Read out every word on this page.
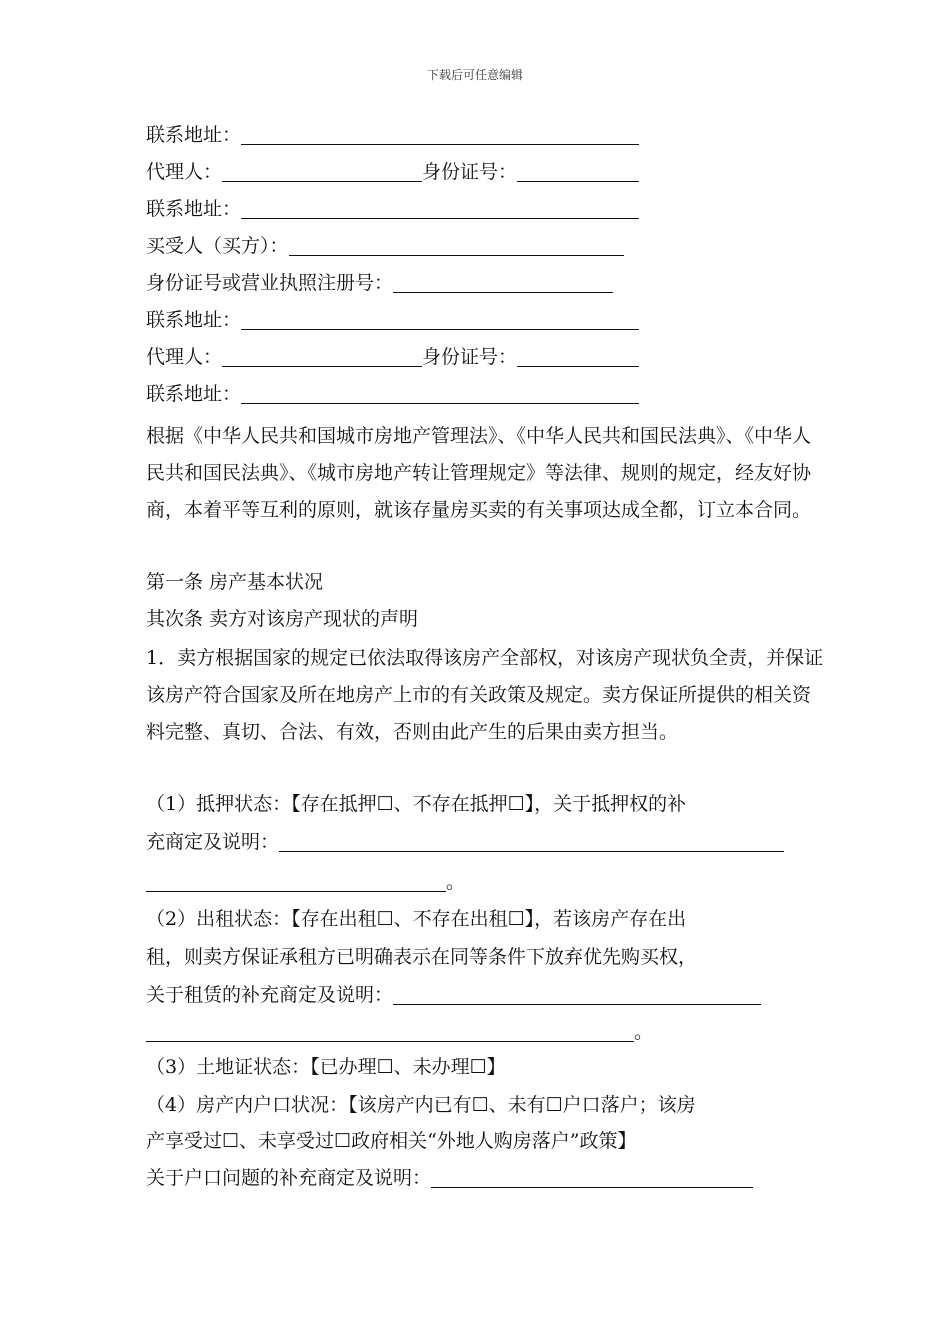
下载后可任意编辑
联系地址：
代理人：	身份证号：
联系地址：
买受人（买方）：
身份证号或营业执照注册号：
联系地址：
代理人：	身份证号：
联系地址：
根据《中华人民共和国城市房地产管理法》、《中华人民共和国民法典》、《中华人民共和国民法典》、《城市房地产转让管理规定》等法律、规则的规定，经友好协商，本着平等互利的原则，就该存量房买卖的有关事项达成全都，订立本合同。
第一条 房产基本状况
其次条 卖方对该房产现状的声明
1．卖方根据国家的规定已依法取得该房产全部权，对该房产现状负全责，并保证该房产符合国家及所在地房产上市的有关政策及规定。卖方保证所提供的相关资料完整、真切、合法、有效，否则由此产生的后果由卖方担当。
（1）抵押状态：【存在抵押☐、不存在抵押☐】，关于抵押权的补
充商定及说明：
。
（2）出租状态：【存在出租☐、不存在出租☐】，若该房产存在出
租，则卖方保证承租方已明确表示在同等条件下放弃优先购买权，
关于租赁的补充商定及说明：
。
（3）土地证状态：【已办理☐、未办理☐】
（4）房产内户口状况：【该房产内已有☐、未有☐户口落户；该房
产享受过☐、未享受过☐政府相关“外地人购房落户”政策】
关于户口问题的补充商定及说明：
